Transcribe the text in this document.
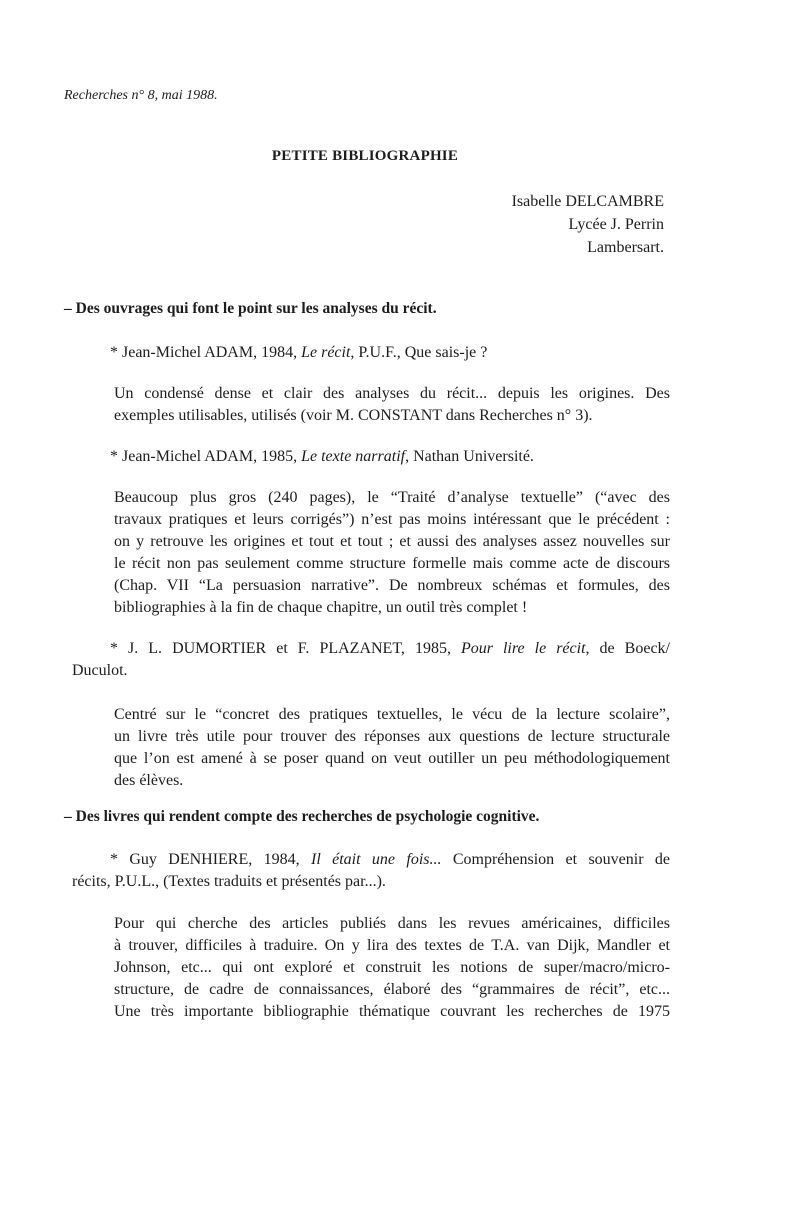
Recherches n° 8, mai 1988.
PETITE BIBLIOGRAPHIE
Isabelle DELCAMBRE
Lycée J. Perrin
Lambersart.
– Des ouvrages qui font le point sur les analyses du récit.
* Jean-Michel ADAM, 1984, Le récit, P.U.F., Que sais-je ?
Un condensé dense et clair des analyses du récit... depuis les origines. Des
exemples utilisables, utilisés (voir M. CONSTANT dans Recherches n° 3).
* Jean-Michel ADAM, 1985, Le texte narratif, Nathan Université.
Beaucoup plus gros (240 pages), le “Traité d’analyse textuelle” (“avec des
travaux pratiques et leurs corrigés”) n’est pas moins intéressant que le précédent :
on y retrouve les origines et tout et tout ; et aussi des analyses assez nouvelles sur
le récit non pas seulement comme structure formelle mais comme acte de discours
(Chap. VII “La persuasion narrative”. De nombreux schémas et formules, des
bibliographies à la fin de chaque chapitre, un outil très complet !
* J. L. DUMORTIER et F. PLAZANET, 1985, Pour lire le récit, de Boeck/
Duculot.
Centré sur le “concret des pratiques textuelles, le vécu de la lecture scolaire”,
un livre très utile pour trouver des réponses aux questions de lecture structurale
que l’on est amené à se poser quand on veut outiller un peu méthodologiquement
des élèves.
– Des livres qui rendent compte des recherches de psychologie cognitive.
* Guy DENHIERE, 1984, Il était une fois... Compréhension et souvenir de
récits, P.U.L., (Textes traduits et présentés par...).
Pour qui cherche des articles publiés dans les revues américaines, difficiles
à trouver, difficiles à traduire. On y lira des textes de T.A. van Dijk, Mandler et
Johnson, etc... qui ont exploré et construit les notions de super/macro/micro-
structure, de cadre de connaissances, élaboré des “grammaires de récit”, etc...
Une très importante bibliographie thématique couvrant les recherches de 1975
